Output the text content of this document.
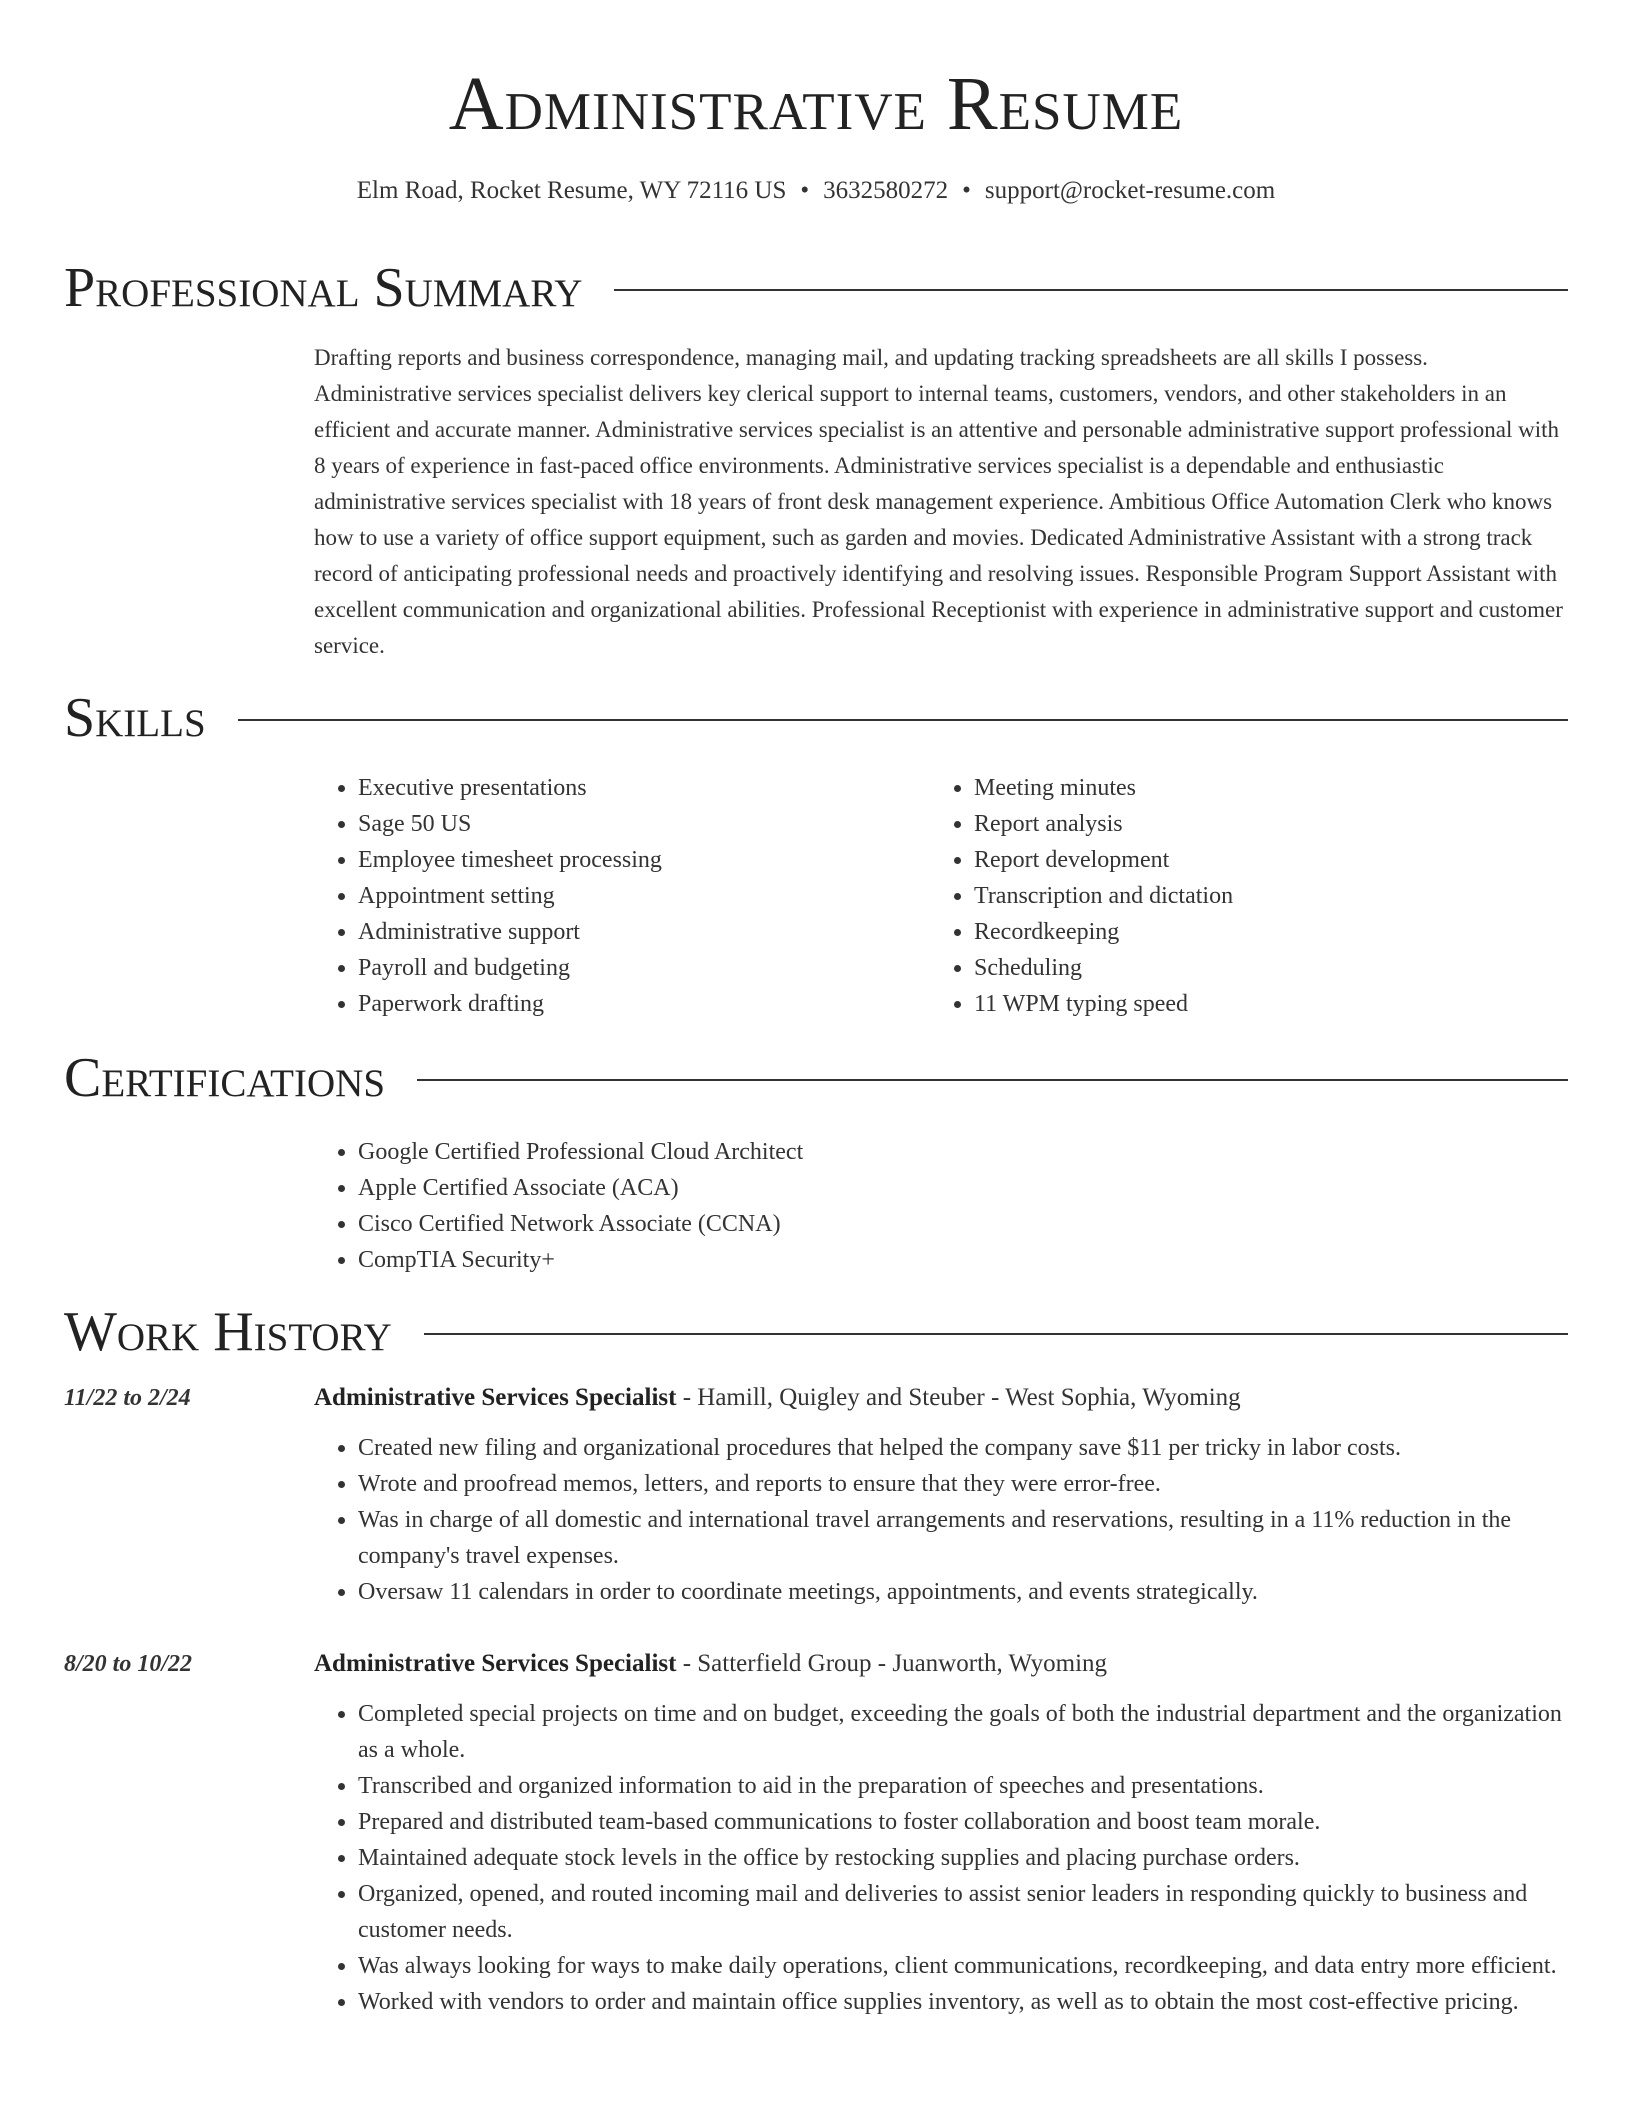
Administrative Resume
Elm Road, Rocket Resume, WY 72116 US • 3632580272 • support@rocket-resume.com
Professional Summary

Drafting reports and business correspondence, managing mail, and updating tracking spreadsheets are all skills I possess. Administrative services specialist delivers key clerical support to internal teams, customers, vendors, and other stakeholders in an efficient and accurate manner. Administrative services specialist is an attentive and personable administrative support professional with 8 years of experience in fast-paced office environments. Administrative services specialist is a dependable and enthusiastic administrative services specialist with 18 years of front desk management experience. Ambitious Office Automation Clerk who knows how to use a variety of office support equipment, such as garden and movies. Dedicated Administrative Assistant with a strong track record of anticipating professional needs and proactively identifying and resolving issues. Responsible Program Support Assistant with excellent communication and organizational abilities. Professional Receptionist with experience in administrative support and customer service.

Skills
• Executive presentations
• Sage 50 US
• Employee timesheet processing
• Appointment setting
• Administrative support
• Payroll and budgeting
• Paperwork drafting
• Meeting minutes
• Report analysis
• Report development
• Transcription and dictation
• Recordkeeping
• Scheduling
• 11 WPM typing speed
Certifications
• Google Certified Professional Cloud Architect
• Apple Certified Associate (ACA)
• Cisco Certified Network Associate (CCNA)
• CompTIA Security+
Work History
11/22 to 2/24	Administrative Services Specialist - Hamill, Quigley and Steuber - West Sophia, Wyoming
• Created new filing and organizational procedures that helped the company save $11 per tricky in labor costs.
• Wrote and proofread memos, letters, and reports to ensure that they were error-free.
• Was in charge of all domestic and international travel arrangements and reservations, resulting in a 11% reduction in the company's travel expenses.
• Oversaw 11 calendars in order to coordinate meetings, appointments, and events strategically.
8/20 to 10/22	Administrative Services Specialist - Satterfield Group - Juanworth, Wyoming
• Completed special projects on time and on budget, exceeding the goals of both the industrial department and the organization as a whole.
• Transcribed and organized information to aid in the preparation of speeches and presentations.
• Prepared and distributed team-based communications to foster collaboration and boost team morale.
• Maintained adequate stock levels in the office by restocking supplies and placing purchase orders.
• Organized, opened, and routed incoming mail and deliveries to assist senior leaders in responding quickly to business and customer needs.
• Was always looking for ways to make daily operations, client communications, recordkeeping, and data entry more efficient.
• Worked with vendors to order and maintain office supplies inventory, as well as to obtain the most cost-effective pricing.
